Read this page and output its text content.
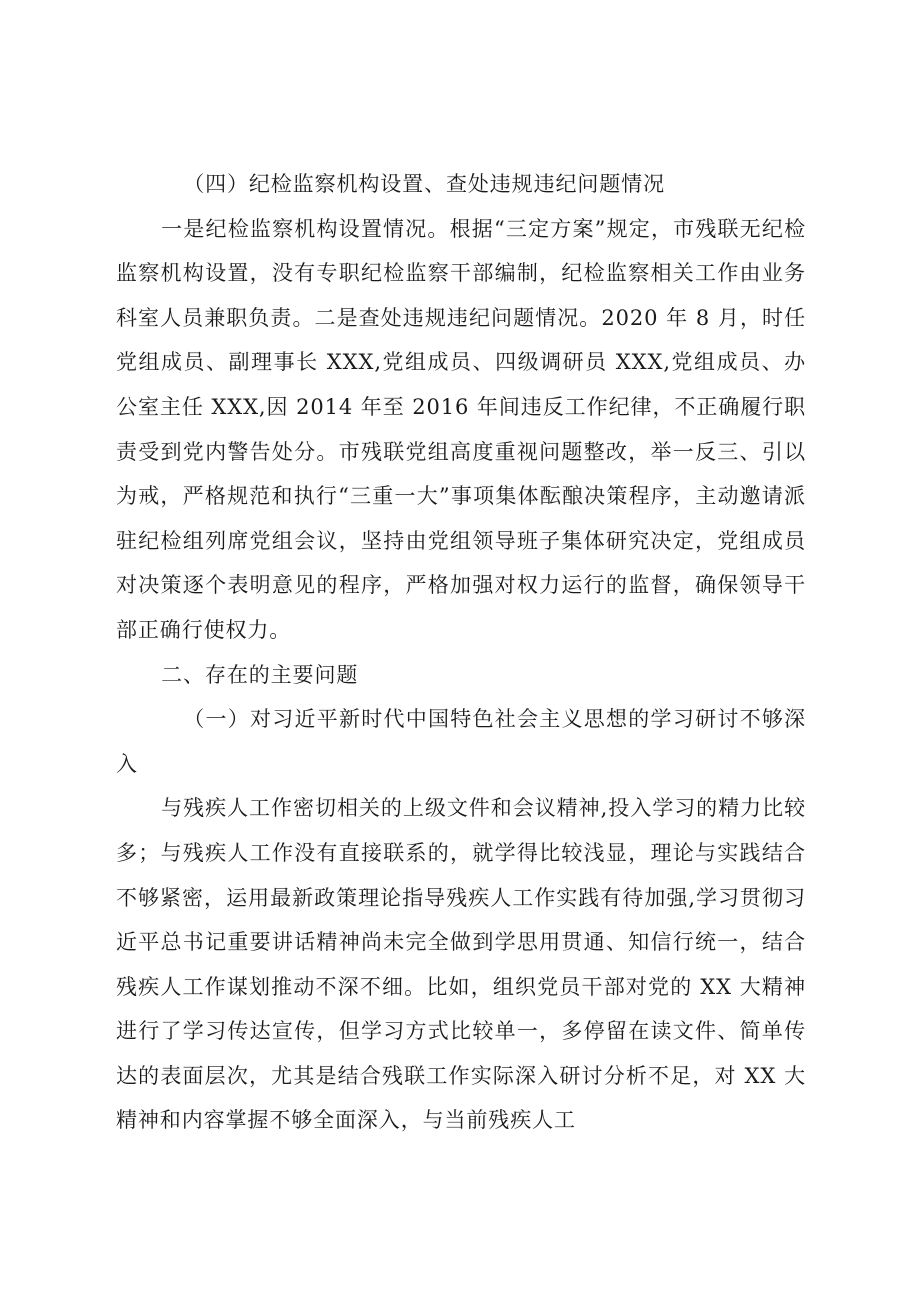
（四）纪检监察机构设置、查处违规违纪问题情况

一是纪检监察机构设置情况。根据“三定方案”规定，市残联无纪检监察机构设置，没有专职纪检监察干部编制，纪检监察相关工作由业务科室人员兼职负责。二是查处违规违纪问题情况。2020 年 8 月，时任党组成员、副理事长 XXX,党组成员、四级调研员 XXX,党组成员、办公室主任 XXX,因 2014 年至 2016 年间违反工作纪律，不正确履行职责受到党内警告处分。市残联党组高度重视问题整改，举一反三、引以为戒，严格规范和执行“三重一大”事项集体酝酿决策程序，主动邀请派驻纪检组列席党组会议，坚持由党组领导班子集体研究决定，党组成员对决策逐个表明意见的程序，严格加强对权力运行的监督，确保领导干部正确行使权力。

二、存在的主要问题

（一）对习近平新时代中国特色社会主义思想的学习研讨不够深入

与残疾人工作密切相关的上级文件和会议精神,投入学习的精力比较多；与残疾人工作没有直接联系的，就学得比较浅显，理论与实践结合不够紧密，运用最新政策理论指导残疾人工作实践有待加强,学习贯彻习近平总书记重要讲话精神尚未完全做到学思用贯通、知信行统一，结合残疾人工作谋划推动不深不细。比如，组织党员干部对党的 XX 大精神进行了学习传达宣传，但学习方式比较单一，多停留在读文件、简单传达的表面层次，尤其是结合残联工作实际深入研讨分析不足，对 XX 大精神和内容掌握不够全面深入，与当前残疾人工
